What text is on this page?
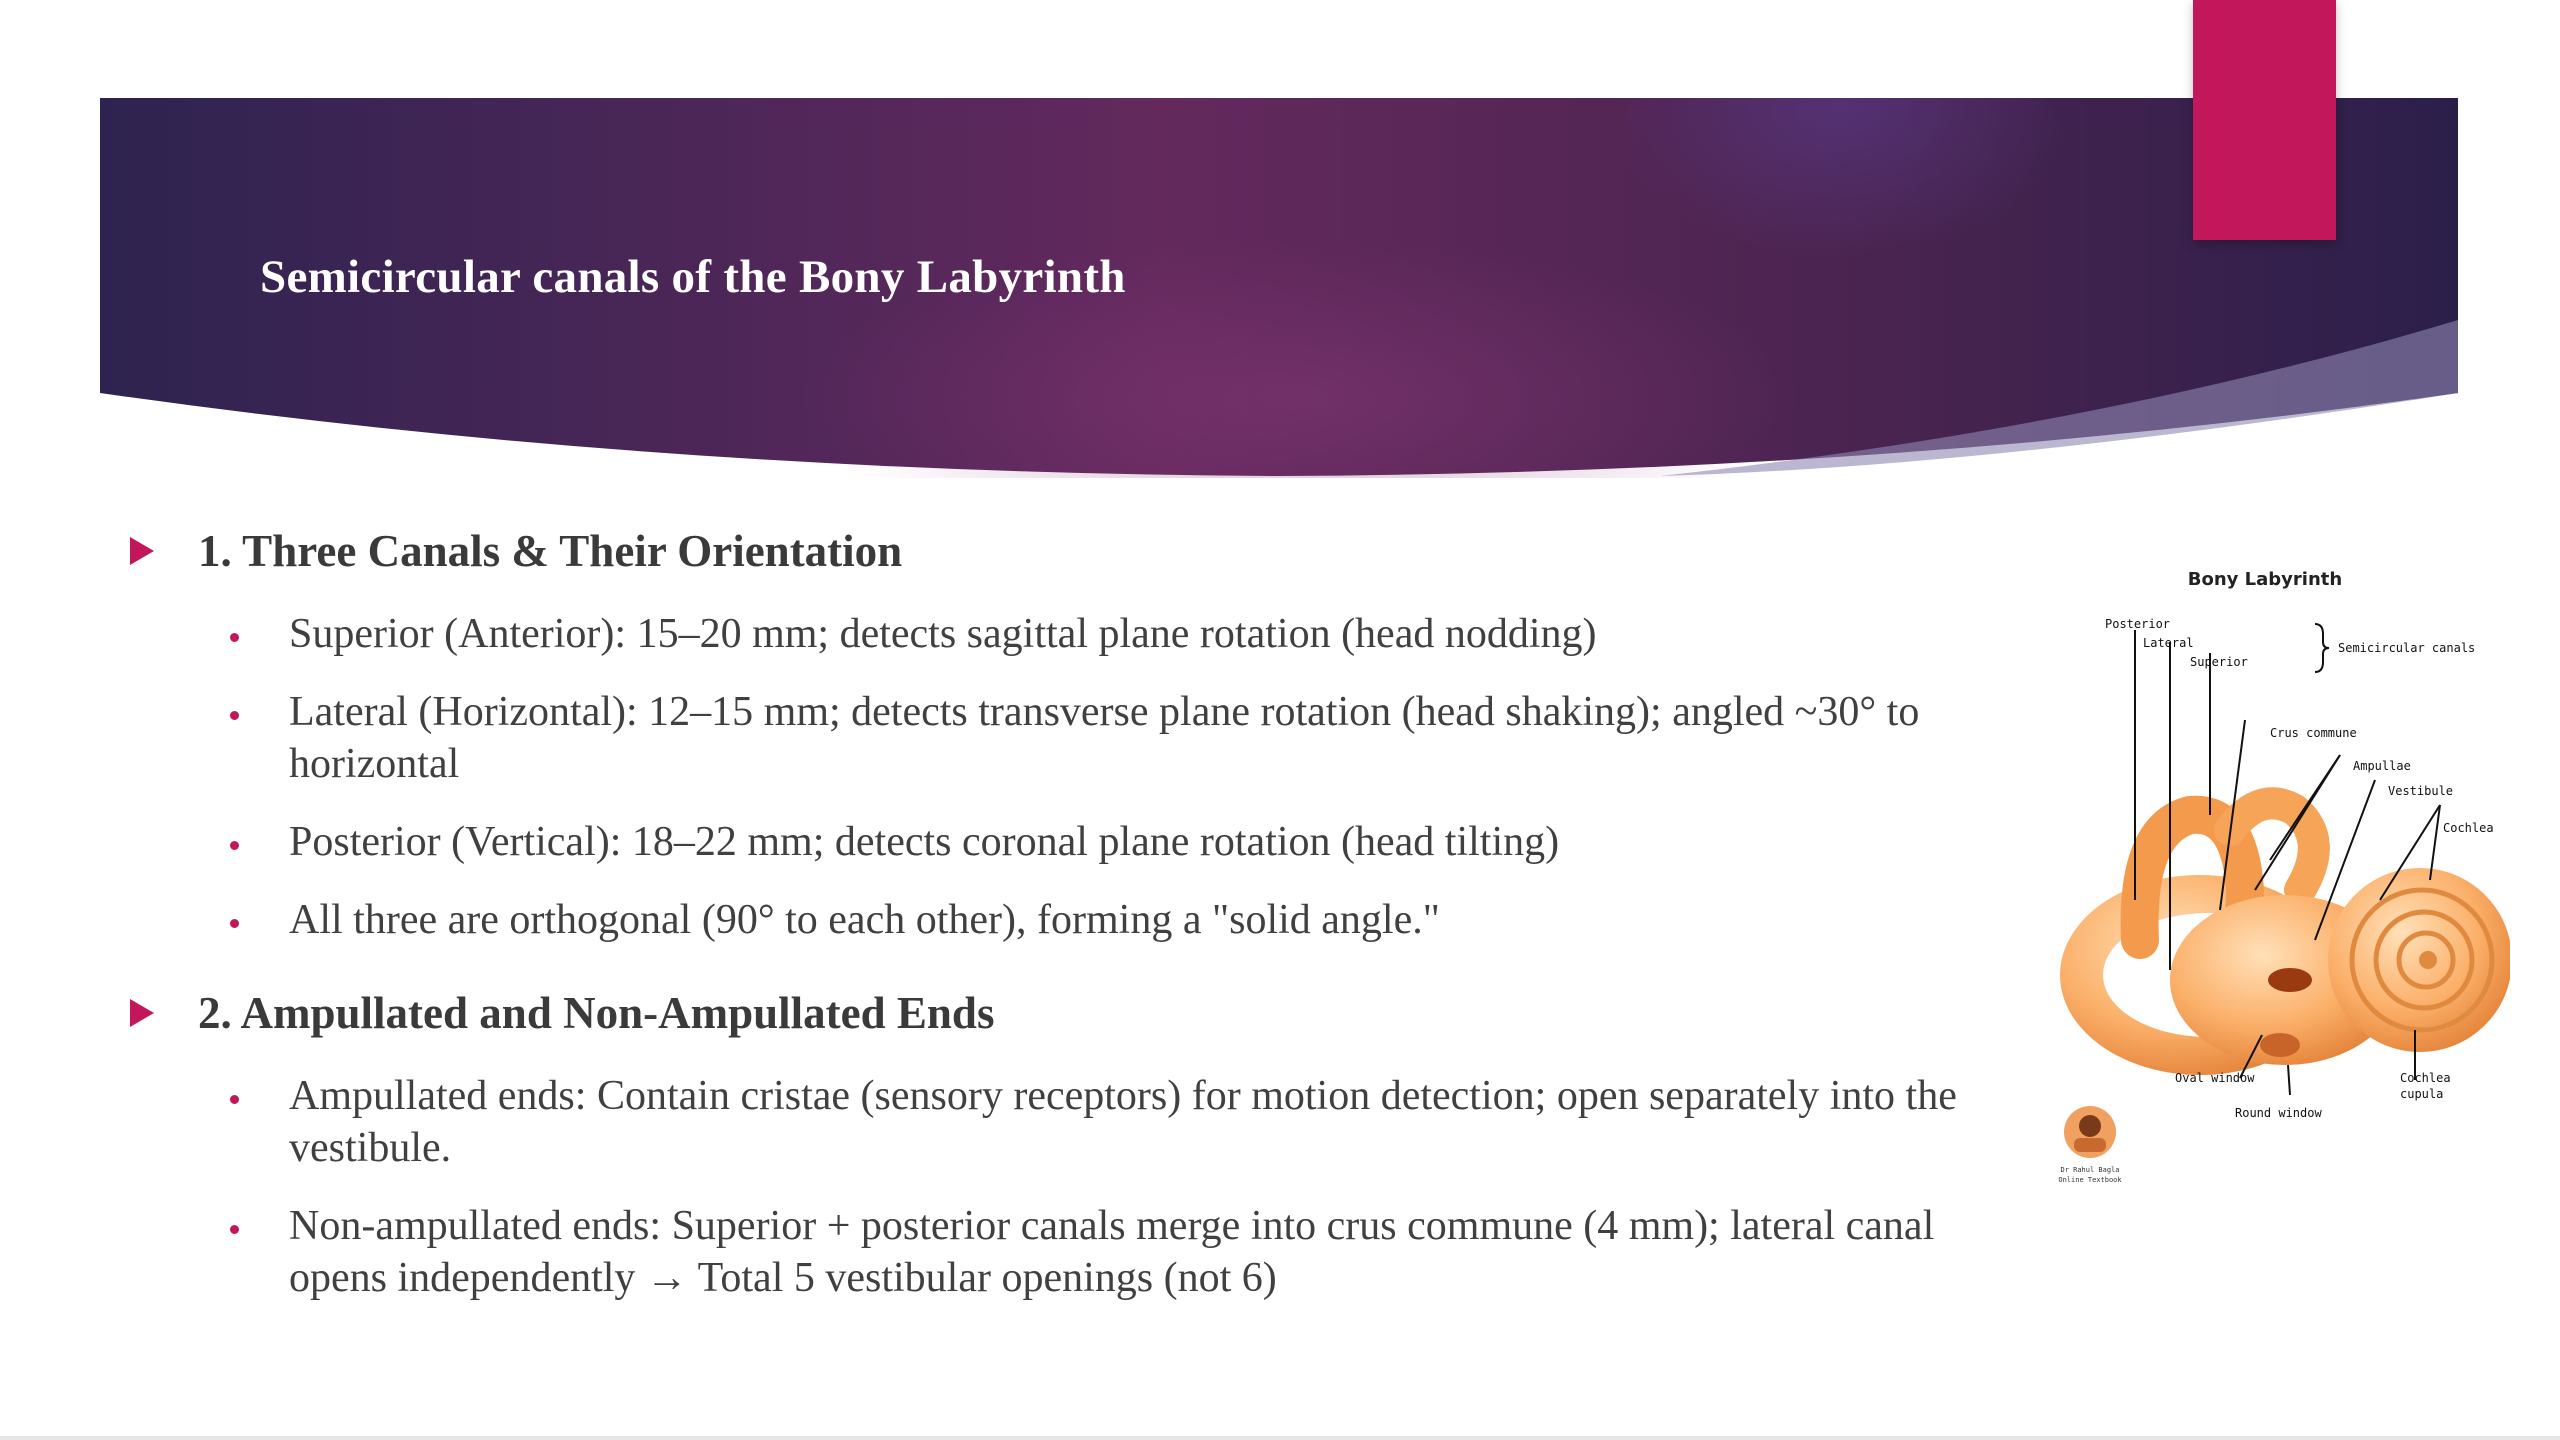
Semicircular canals of the Bony Labyrinth
1. Three Canals & Their Orientation
Superior (Anterior): 15–20 mm; detects sagittal plane rotation (head nodding)
Lateral (Horizontal): 12–15 mm; detects transverse plane rotation (head shaking); angled ~30° to horizontal
Posterior (Vertical): 18–22 mm; detects coronal plane rotation (head tilting)
All three are orthogonal (90° to each other), forming a "solid angle."
2. Ampullated and Non-Ampullated Ends
Ampullated ends: Contain cristae (sensory receptors) for motion detection; open separately into the vestibule.
Non-ampullated ends: Superior + posterior canals merge into crus commune (4 mm); lateral canal opens independently → Total 5 vestibular openings (not 6)
Bony Labyrinth
Posterior
Lateral
Superior
Semicircular canals
Crus commune
Ampullae
Vestibule
Cochlea
Oval window
Round window
Cochlea
cupula
Dr Rahul Bagla
Online Textbook
